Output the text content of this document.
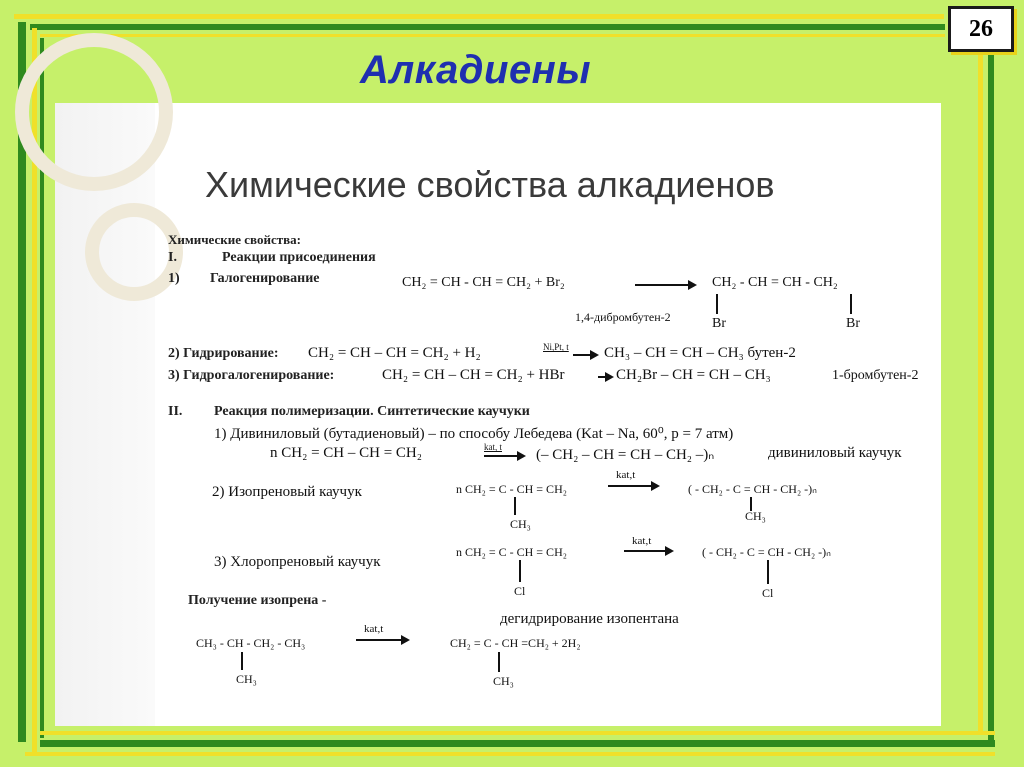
26
Алкадиены
Химические свойства алкадиенов
Химические свойства:
I.	Реакции присоединения
1) Галогенирование	CH₂ = CH - CH = CH₂ + Br₂	CH₂ - CH = CH - CH₂
Br	Br
1,4-дибромбутен-2
2) Гидрирование: CH₂ = CH – CH = CH₂ + H₂	Ni,Pt, t CH₃ – CH = CH – CH₃ бутен-2
3) Гидрогалогенирование:	CH₂ = CH – CH = CH₂ + HBr	CH₂Br – CH = CH – CH₃	1-бромбутен-2
II. Реакция полимеризации. Синтетические каучуки
1) Дивиниловый (бутадиеновый) – по способу Лебедева (Kat – Na, 60⁰, p = 7 атм)
n CH₂ = CH – CH = CH₂	kat, t (– CH₂ – CH = CH – CH₂ –)ₙ	дивиниловый каучук
2) Изопреновый каучук	n CH₂ = C - CH = CH₂
CH₃
kat,t
( - CH₂ - C = CH - CH₂ -)ₙ
CH₃
3) Хлоропреновый каучук
n CH₂ = C - CH = CH₂
Cl
kat,t
( - CH₂ - C = CH - CH₂ -)ₙ
Cl
Получение изопрена -
дегидрирование изопентана
CH₃ - CH - CH₂ - CH₃
CH₃
kat,t
CH₂ = C - CH =CH₂ + 2H₂
CH₃
